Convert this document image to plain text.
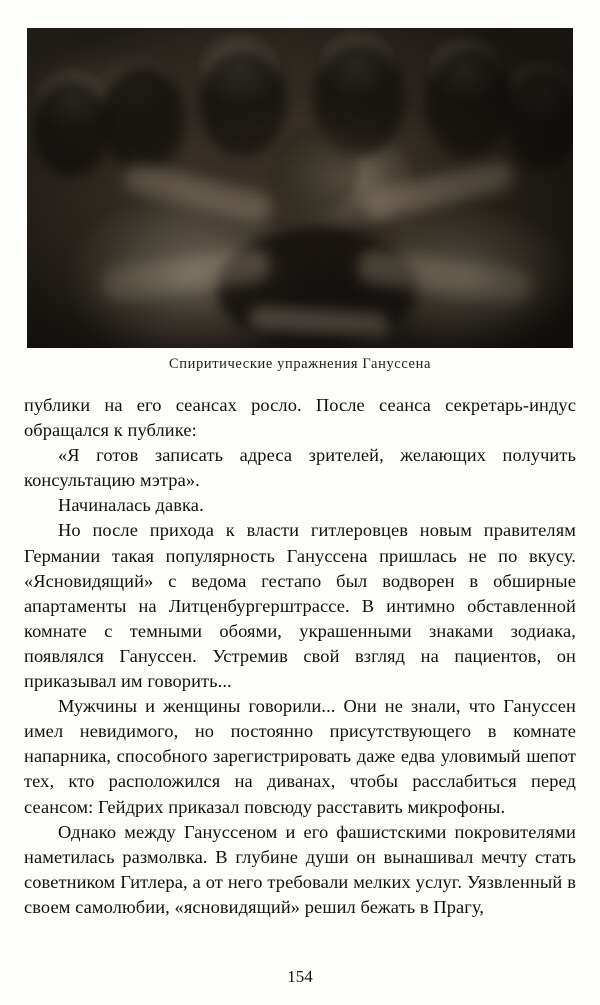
Спиритические упражнения Гануссена

публики на его сеансах росло. После сеанса секретарь-индус обращался к публике:

«Я готов записать адреса зрителей, желающих получить консультацию мэтра».

Начиналась давка.

Но после прихода к власти гитлеровцев новым правителям Германии такая популярность Гануссена пришлась не по вкусу. «Ясновидящий» с ведома гестапо был водворен в обширные апартаменты на Литценбургерштрассе. В интимно обставленной комнате с темными обоями, украшенными знаками зодиака, появлялся Гануссен. Устремив свой взгляд на пациентов, он приказывал им говорить...

Мужчины и женщины говорили... Они не знали, что Гануссен имел невидимого, но постоянно присутствующего в комнате напарника, способного зарегистрировать даже едва уловимый шепот тех, кто расположился на диванах, чтобы расслабиться перед сеансом: Гейдрих приказал повсюду расставить микрофоны.

Однако между Гануссеном и его фашистскими покровителями наметилась размолвка. В глубине души он вынашивал мечту стать советником Гитлера, а от него требовали мелких услуг. Уязвленный в своем самолюбии, «ясновидящий» решил бежать в Прагу,

154
